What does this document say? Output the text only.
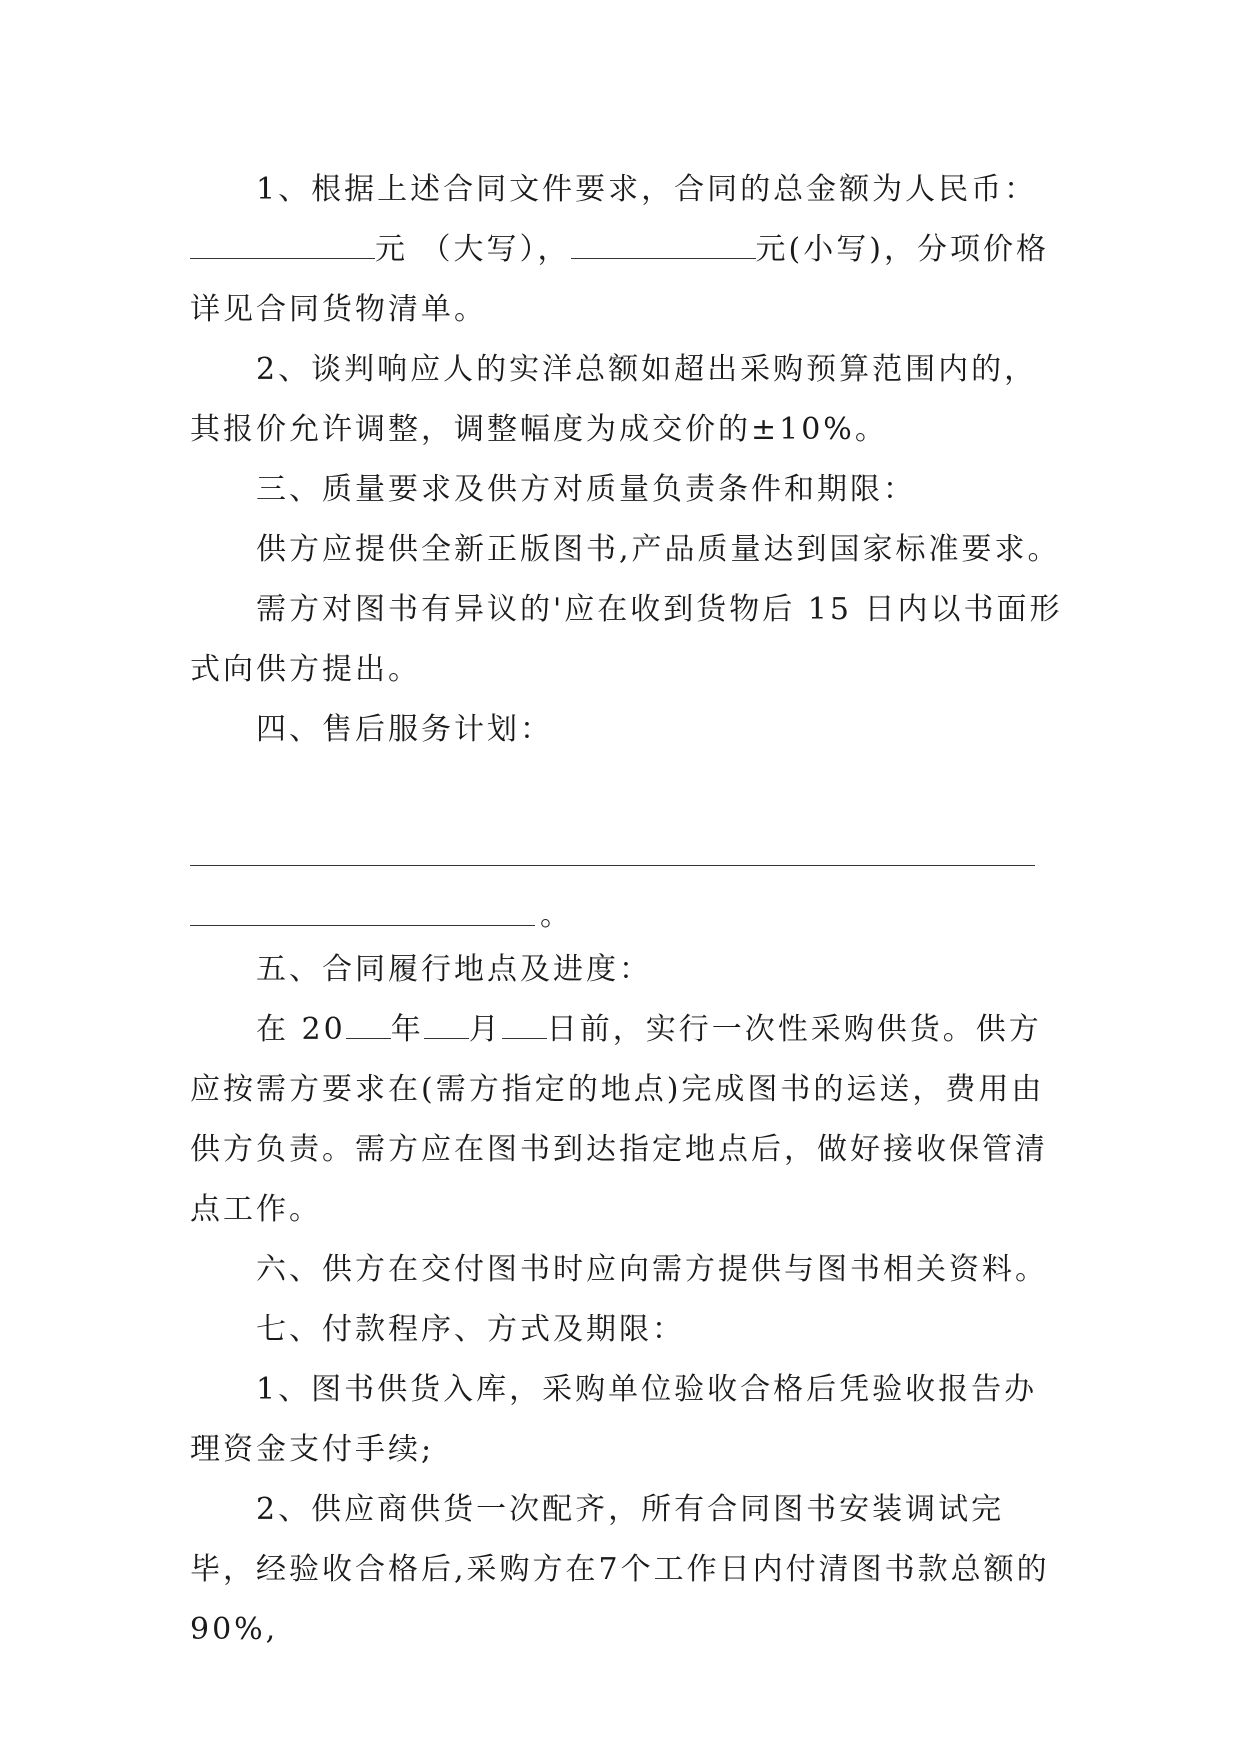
1、根据上述合同文件要求，合同的总金额为人民币：元 （大写），	元(小写)，分项价格详见合同货物清单。

2、谈判响应人的实洋总额如超出采购预算范围内的，其报价允许调整，调整幅度为成交价的±10%。

三、质量要求及供方对质量负责条件和期限：

供方应提供全新正版图书,产品质量达到国家标准要求。

需方对图书有异议的'应在收到货物后 15 日内以书面形式向供方提出。

四、售后服务计划：

。

五、合同履行地点及进度：

在 20 年 月 日前，实行一次性采购供货。供方应按需方要求在(需方指定的地点)完成图书的运送，费用由供方负责。需方应在图书到达指定地点后，做好接收保管清点工作。

六、供方在交付图书时应向需方提供与图书相关资料。

七、付款程序、方式及期限：

1、图书供货入库，采购单位验收合格后凭验收报告办理资金支付手续;

2、供应商供货一次配齐，所有合同图书安装调试完毕，经验收合格后,采购方在7个工作日内付清图书款总额的90%,
